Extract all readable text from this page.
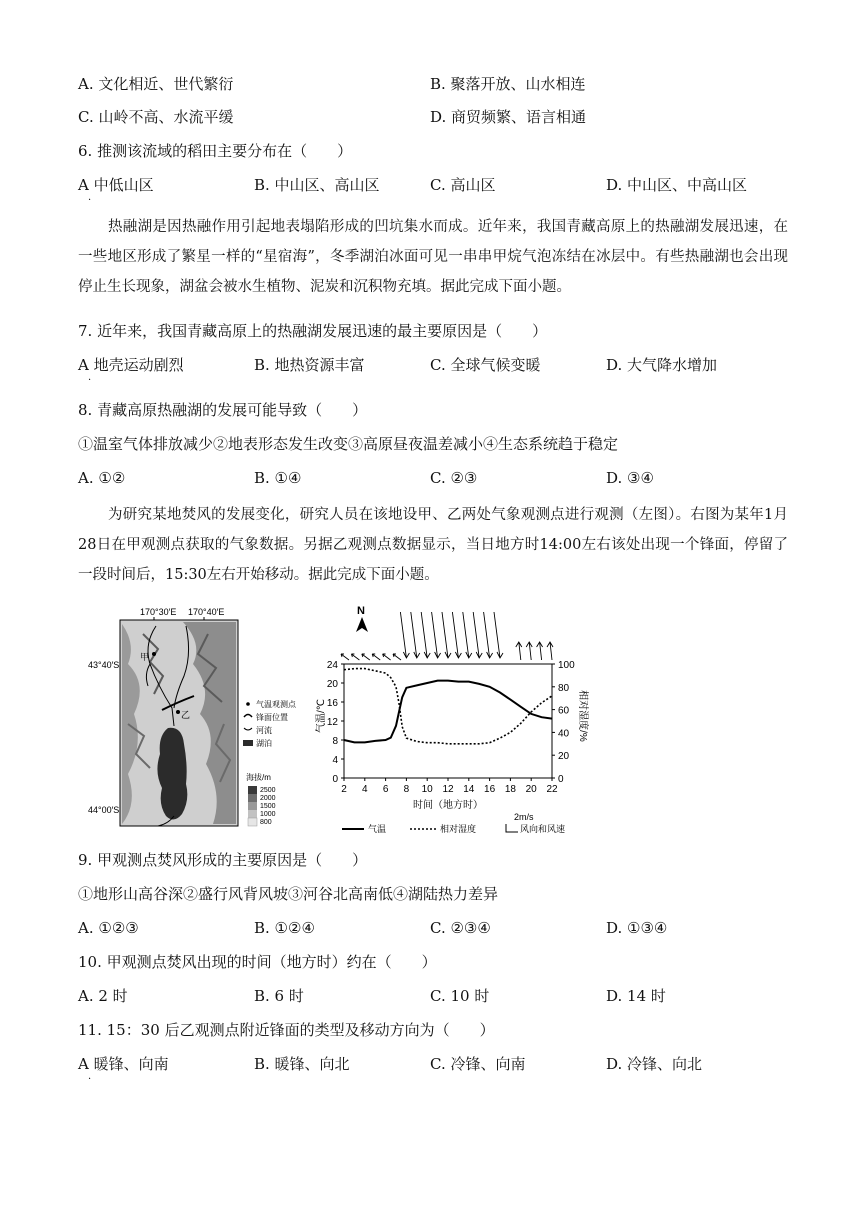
A. 文化相近、世代繁衍	B. 聚落开放、山水相连
C. 山岭不高、水流平缓	D. 商贸频繁、语言相通
6. 推测该流域的稻田主要分布在（　　）
A 中低山区
·
B. 中山区、高山区	C. 高山区	D. 中山区、中高山区
热融湖是因热融作用引起地表塌陷形成的凹坑集水而成。近年来，我国青藏高原上的热融湖发展迅速，在一些地区形成了繁星一样的“星宿海”，冬季湖泊冰面可见一串串甲烷气泡冻结在冰层中。有些热融湖也会出现停止生长现象，湖盆会被水生植物、泥炭和沉积物充填。据此完成下面小题。
7. 近年来，我国青藏高原上的热融湖发展迅速的最主要原因是（　　）
A 地壳运动剧烈
·
B. 地热资源丰富	C. 全球气候变暖	D. 大气降水增加
8. 青藏高原热融湖的发展可能导致（　　）
①温室气体排放减少②地表形态发生改变③高原昼夜温差减小④生态系统趋于稳定
A. ①②	B. ①④	C. ②③	D. ③④
为研究某地焚风的发展变化，研究人员在该地设甲、乙两处气象观测点进行观测（左图）。右图为某年1月28日在甲观测点获取的气象数据。另据乙观测点数据显示，当日地方时14:00左右该处出现一个锋面，停留了一段时间后，15:30左右开始移动。据此完成下面小题。
170°30′E 170°40′E
43°40′S
44°00′S
甲
乙
气温观测点
锋面位置
河流
湖泊
海拔/m
2500
2000
1500
1000
800
N
2 4 6 8 10 12 14 16 18 20 22
0
4
8
12
16
20
24
0
20
40
60
80
100
气温/℃	相对湿度/%
时间（地方时）
2m/s
气温	相对湿度	风向和风速
9. 甲观测点焚风形成的主要原因是（　　）
①地形山高谷深②盛行风背风坡③河谷北高南低④湖陆热力差异
A. ①②③	B. ①②④	C. ②③④	D. ①③④
10. 甲观测点焚风出现的时间（地方时）约在（　　）
A. 2 时	B. 6 时	C. 10 时	D. 14 时
11. 15：30 后乙观测点附近锋面的类型及移动方向为（　　）
A 暖锋、向南
·
B. 暖锋、向北	C. 冷锋、向南	D. 冷锋、向北
